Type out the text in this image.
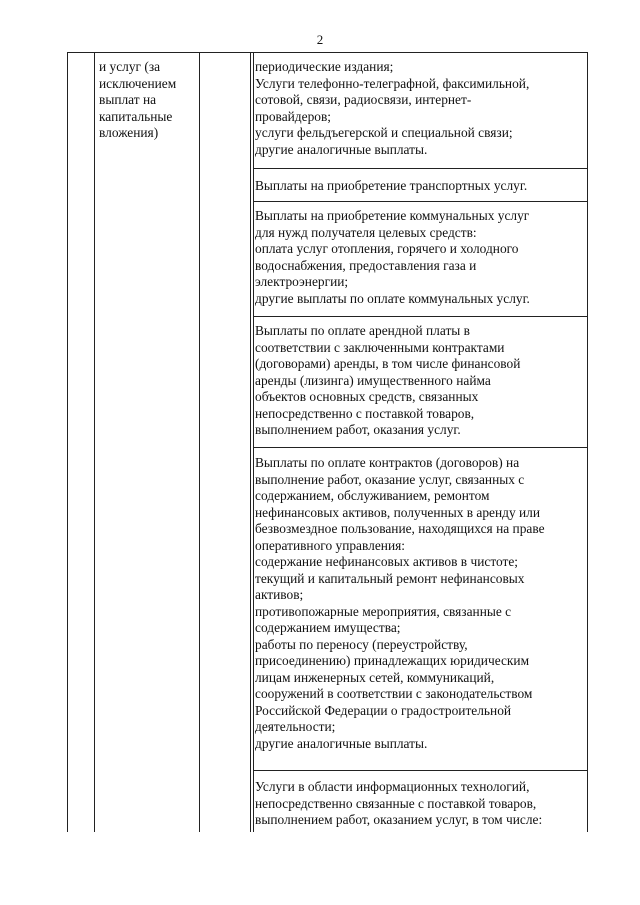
2
и услуг (за
исключением
выплат на
капитальные
вложения)
периодические издания;
Услуги телефонно-телеграфной, факсимильной,
сотовой, связи, радиосвязи, интернет-
провайдеров;
услуги фельдъегерской и специальной связи;
другие аналогичные выплаты.
Выплаты на приобретение транспортных услуг.
Выплаты на приобретение коммунальных услуг
для нужд получателя целевых средств:
оплата услуг отопления, горячего и холодного
водоснабжения, предоставления газа и
электроэнергии;
другие выплаты по оплате коммунальных услуг.
Выплаты по оплате арендной платы в
соответствии с заключенными контрактами
(договорами) аренды, в том числе финансовой
аренды (лизинга) имущественного найма
объектов основных средств, связанных
непосредственно с поставкой товаров,
выполнением работ, оказания услуг.
Выплаты по оплате контрактов (договоров) на
выполнение работ, оказание услуг, связанных с
содержанием, обслуживанием, ремонтом
нефинансовых активов, полученных в аренду или
безвозмездное пользование, находящихся на праве
оперативного управления:
содержание нефинансовых активов в чистоте;
текущий и капитальный ремонт нефинансовых
активов;
противопожарные мероприятия, связанные с
содержанием имущества;
работы по переносу (переустройству,
присоединению) принадлежащих юридическим
лицам инженерных сетей, коммуникаций,
сооружений в соответствии с законодательством
Российской Федерации о градостроительной
деятельности;
другие аналогичные выплаты.
Услуги в области информационных технологий,
непосредственно связанные с поставкой товаров,
выполнением работ, оказанием услуг, в том числе:
